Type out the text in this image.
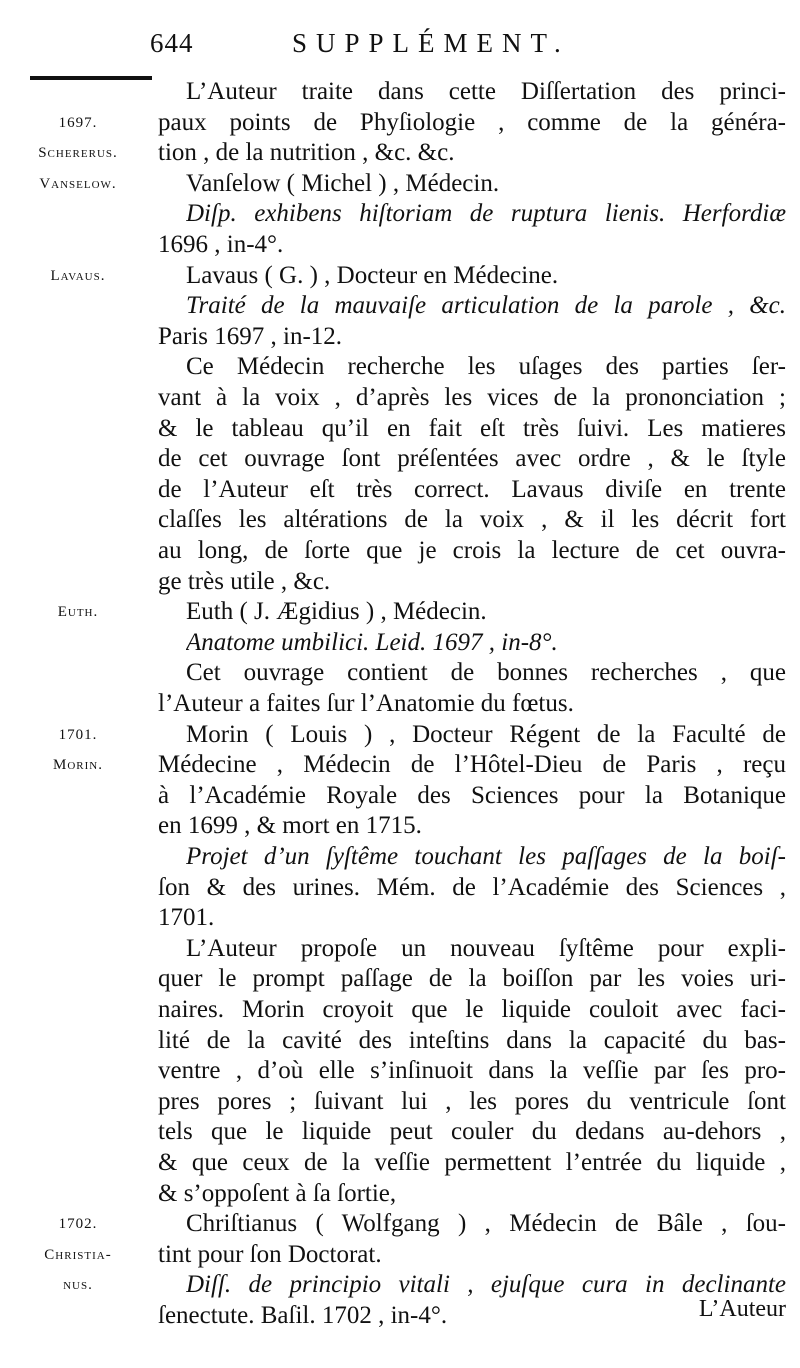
644	SUPPLÉMENT.
L’Auteur traite dans cette Diſſertation des princi-
1697.	paux points de Phyſiologie , comme de la généra-
Schererus.	tion , de la nutrition , &c. &c.
Vanselow.	Vanſelow ( Michel ) , Médecin.
Diſp. exhibens hiſtoriam de ruptura lienis. Herfordiæ
1696 , in-4°.
Lavaus.	Lavaus ( G. ) , Docteur en Médecine.
Traité de la mauvaiſe articulation de la parole , &c.
Paris 1697 , in-12.
Ce Médecin recherche les uſages des parties ſer-
vant à la voix , d’après les vices de la prononciation ;
& le tableau qu’il en fait eſt très ſuivi. Les matieres
de cet ouvrage ſont préſentées avec ordre , & le ſtyle
de l’Auteur eſt très correct. Lavaus diviſe en trente
claſſes les altérations de la voix , & il les décrit fort
au long, de ſorte que je crois la lecture de cet ouvra-
ge très utile , &c.
Euth.	Euth ( J. Ægidius ) , Médecin.
Anatome umbilici. Leid. 1697 , in-8°.
Cet ouvrage contient de bonnes recherches , que
l’Auteur a faites ſur l’Anatomie du fœtus.
1701.	Morin ( Louis ) , Docteur Régent de la Faculté de
Morin.	Médecine , Médecin de l’Hôtel-Dieu de Paris , reçu
à l’Académie Royale des Sciences pour la Botanique
en 1699 , & mort en 1715.
Projet d’un ſyſtême touchant les paſſages de la boiſ-
ſon & des urines. Mém. de l’Académie des Sciences ,
1701.
L’Auteur propoſe un nouveau ſyſtême pour expli-
quer le prompt paſſage de la boiſſon par les voies uri-
naires. Morin croyoit que le liquide couloit avec faci-
lité de la cavité des inteſtins dans la capacité du bas-
ventre , d’où elle s’inſinuoit dans la veſſie par ſes pro-
pres pores ; ſuivant lui , les pores du ventricule ſont
tels que le liquide peut couler du dedans au-dehors ,
& que ceux de la veſſie permettent l’entrée du liquide ,
& s’oppoſent à ſa ſortie,
1702.	Chriſtianus ( Wolfgang ) , Médecin de Bâle , ſou-
Christia-	tint pour ſon Doctorat.
nus.	Diſſ. de principio vitali , ejuſque cura in declinante
ſenectute. Baſil. 1702 , in-4°.	L’Auteur
